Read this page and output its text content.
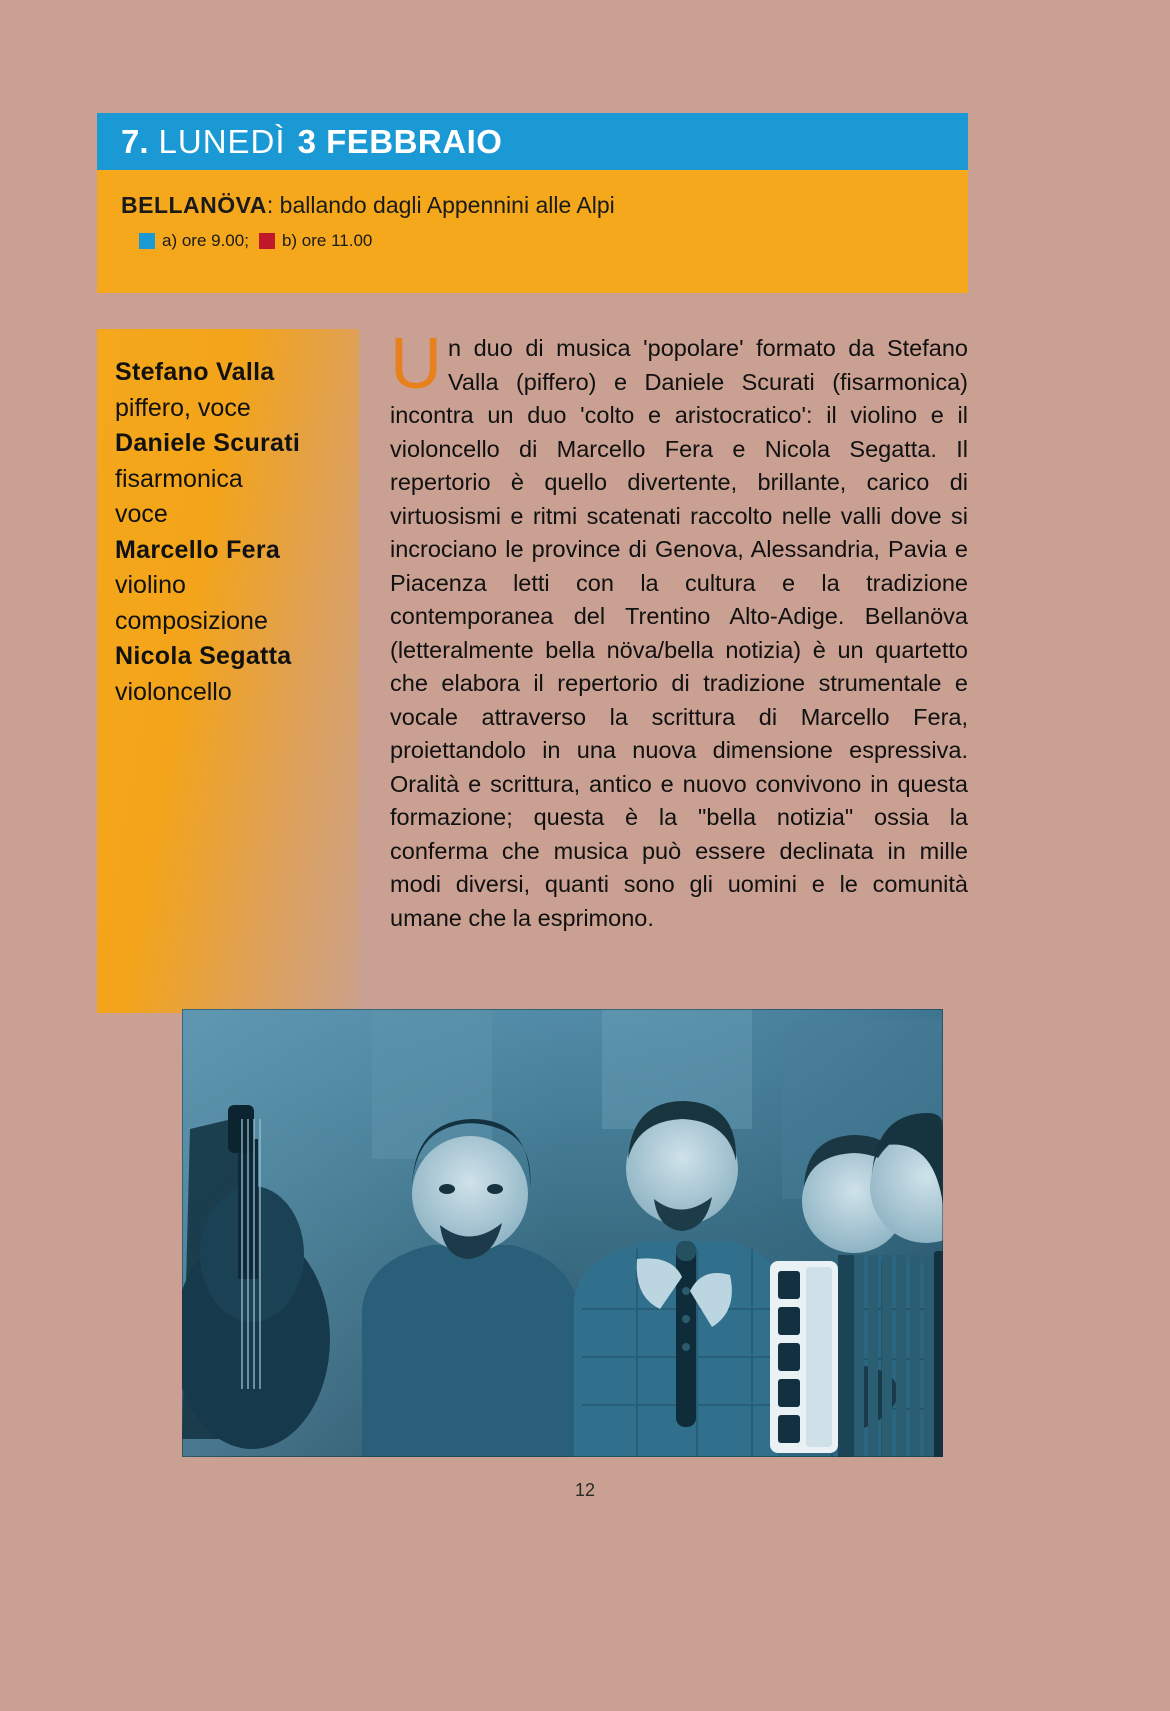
7. LUNEDÌ 3 FEBBRAIO
BELLANÖVA: ballando dagli Appennini alle Alpi
a) ore 9.00; b) ore 11.00
Stefano Valla
piffero, voce
Daniele Scurati
fisarmonica
voce
Marcello Fera
violino
composizione
Nicola Segatta
violoncello
Un duo di musica 'popolare' formato da Stefano Valla (piffero) e Daniele Scurati (fisarmonica) incontra un duo 'colto e aristocratico': il violino e il violoncello di Marcello Fera e Nicola Segatta. Il repertorio è quello divertente, brillante, carico di virtuosismi e ritmi scatenati raccolto nelle valli dove si incrociano le province di Genova, Alessandria, Pavia e Piacenza letti con la cultura e la tradizione contemporanea del Trentino Alto-Adige. Bellanöva (letteralmente bella növa/bella notizia) è un quartetto che elabora il repertorio di tradizione strumentale e vocale attraverso la scrittura di Marcello Fera, proiettandolo in una nuova dimensione espressiva. Oralità e scrittura, antico e nuovo convivono in questa formazione; questa è la "bella notizia" ossia la conferma che musica può essere declinata in mille modi diversi, quanti sono gli uomini e le comunità umane che la esprimono.
12
